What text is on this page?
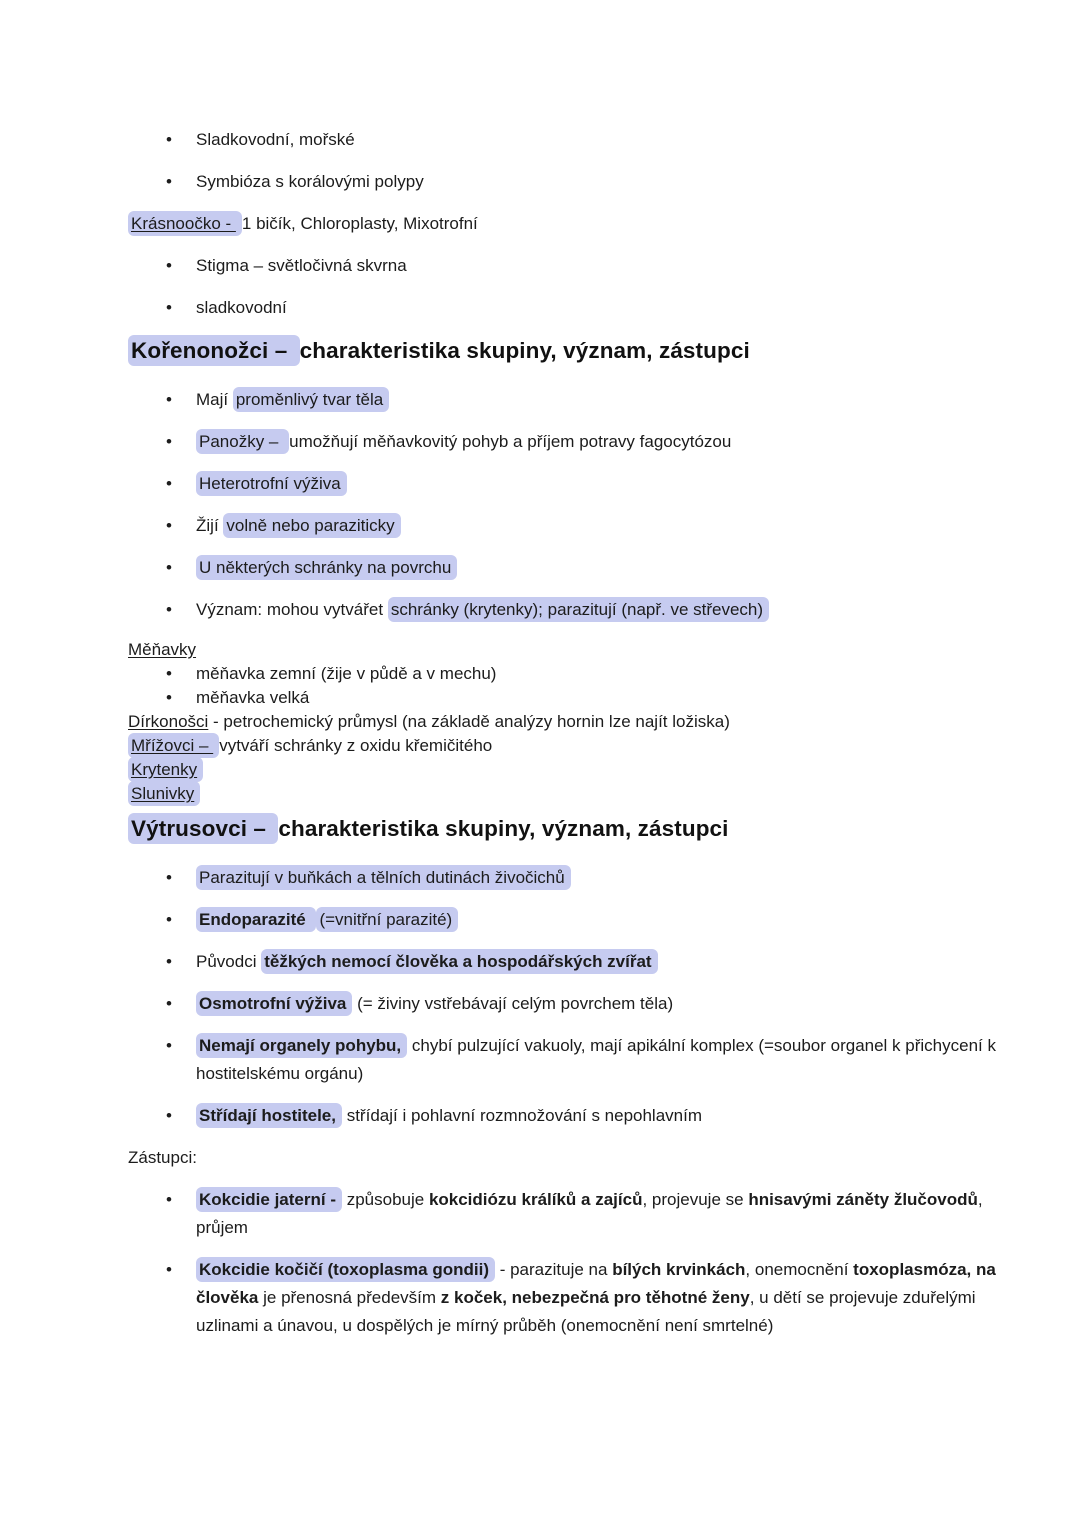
•
Sladkovodní, mořské
•
Symbióza s korálovými polypy
Krásnoočko - 1 bičík, Chloroplasty, Mixotrofní
•
Stigma – světločivná skvrna
•
sladkovodní
Kořenonožci – charakteristika skupiny, význam, zástupci
•
Mají proměnlivý tvar těla
•
Panožky – umožňují měňavkovitý pohyb a příjem potravy fagocytózou
•
Heterotrofní výživa
•
Žijí volně nebo paraziticky
•
U některých schránky na povrchu
•
Význam: mohou vytvářet schránky (krytenky); parazitují (např. ve střevech)
Měňavky
•
měňavka zemní (žije v půdě a v mechu)
•
měňavka velká
Dírkonošci - petrochemický průmysl (na základě analýzy hornin lze najít ložiska)
Mřížovci – vytváří schránky z oxidu křemičitého
Krytenky
Slunivky
Výtrusovci – charakteristika skupiny, význam, zástupci
•
Parazitují v buňkách a tělních dutinách živočichů
•
Endoparazité (=vnitřní parazité)
•
Původci těžkých nemocí člověka a hospodářských zvířat
•
Osmotrofní výživa (= živiny vstřebávají celým povrchem těla)
•
Nemají organely pohybu, chybí pulzující vakuoly, mají apikální komplex (=soubor organel k přichycení k hostitelskému orgánu)
•
Střídají hostitele, střídají i pohlavní rozmnožování s nepohlavním
Zástupci:
•
Kokcidie jaterní - způsobuje kokcidiózu králíků a zajíců, projevuje se hnisavými záněty žlučovodů, průjem
•
Kokcidie kočičí (toxoplasma gondii) - parazituje na bílých krvinkách, onemocnění toxoplasmóza, na člověka je přenosná především z koček, nebezpečná pro těhotné ženy, u dětí se projevuje zduřelými uzlinami a únavou, u dospělých je mírný průběh (onemocnění není smrtelné)
